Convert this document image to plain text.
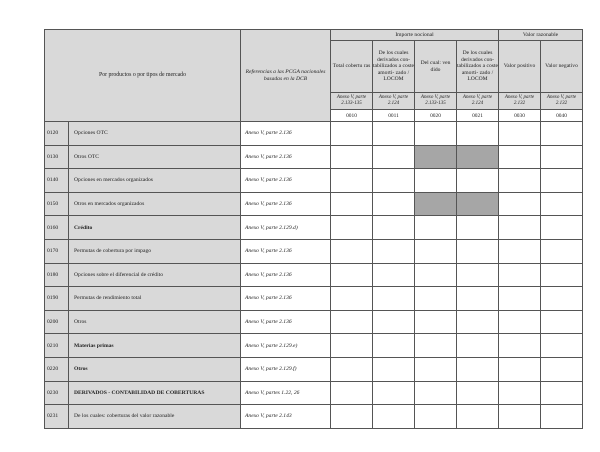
Por productos o por tipos de mercado		Referencias a las PCGA nacionales basadas en la DCB	Importe nocional				Valor razonable	
			Total cobertu ras	De los cuales derivados con- tabilizados a coste amorti- zado / LOCOM	Del cual: ven dido	De los cuales derivados con- tabilizados a coste amorti- zado / LOCOM	Valor positivo	Valor negativo
			Anexo V, parte 2.133-135	Anexo V, parte 2.124	Anexo V, parte 2.133-135	Anexo V, parte 2.124	Anexo V, parte 2.132	Anexo V, parte 2.132
			0010	0011	0020	0021	0030	0040
0120	Opciones OTC	Anexo V, parte 2.136						
0130	Otros OTC	Anexo V, parte 2.136						
0140	Opciones en mercados organizados	Anexo V, parte 2.136						
0150	Otros en mercados organizados	Anexo V, parte 2.136						
0160	Crédito	Anexo V, parte 2.129.d)						
0170	Permutas de cobertura por impago	Anexo V, parte 2.136						
0180	Opciones sobre el diferencial de crédito	Anexo V, parte 2.136						
0190	Permutas de rendimiento total	Anexo V, parte 2.136						
0200	Otros	Anexo V, parte 2.136						
0210	Materias primas	Anexo V, parte 2.129.e)						
0220	Otros	Anexo V, parte 2.129.f)						
0230	DERIVADOS - CONTABILIDAD DE COBERTURAS	Anexo V, partes 1.22, 26						
0231	De los cuales: coberturas del valor razonable	Anexo V, parte 2.143						
